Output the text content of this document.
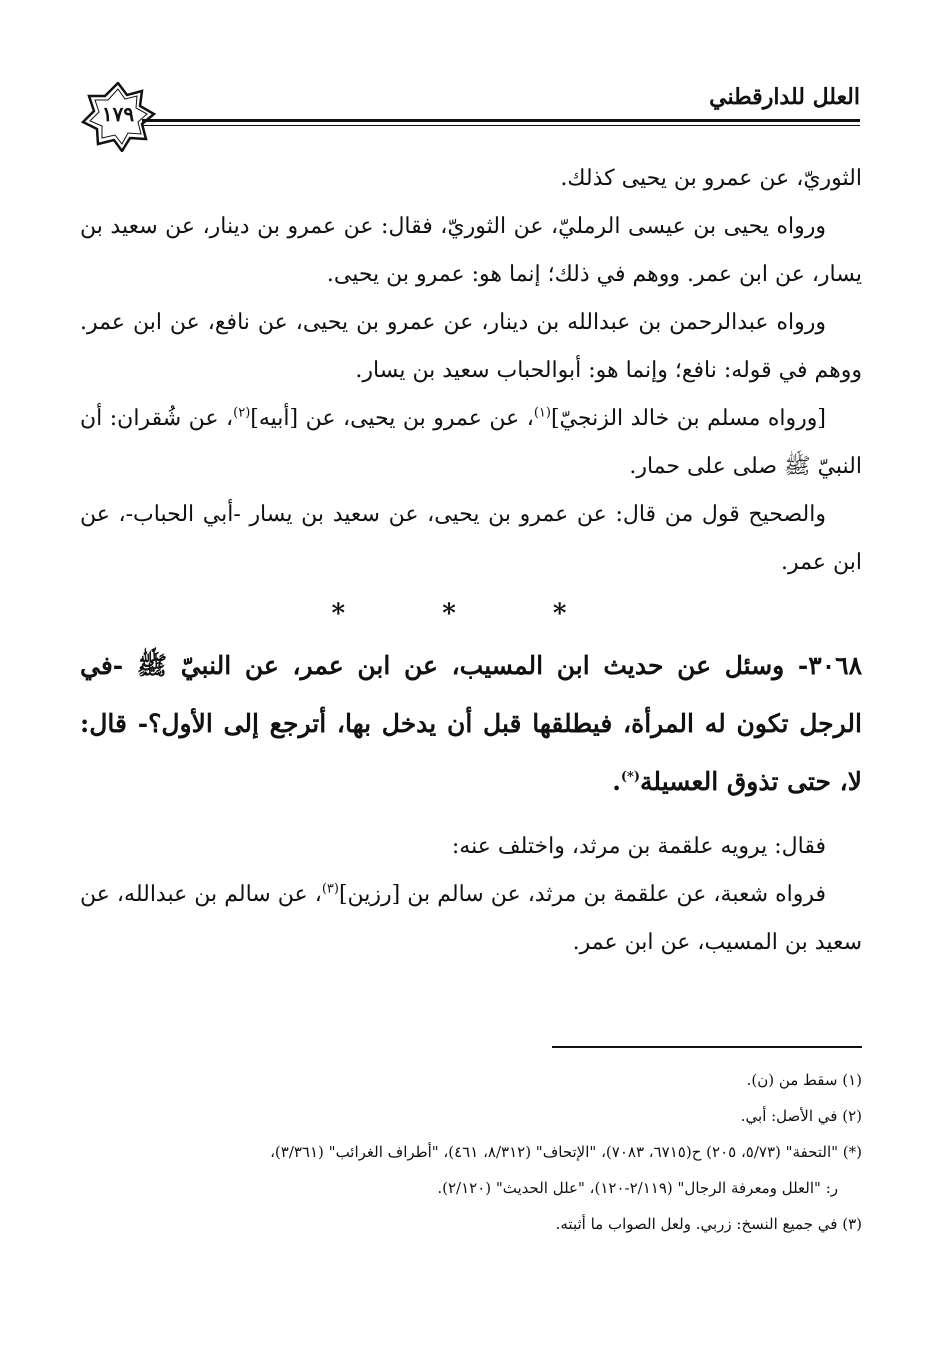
العلل للدارقطني
١٧٩

الثوريّ، عن عمرو بن يحيى كذلك.

ورواه يحيى بن عيسى الرمليّ، عن الثوريّ، فقال: عن عمرو بن دينار، عن سعيد بن يسار، عن ابن عمر. ووهم في ذلك؛ إنما هو: عمرو بن يحيى.

ورواه عبدالرحمن بن عبدالله بن دينار، عن عمرو بن يحيى، عن نافع، عن ابن عمر. ووهم في قوله: نافع؛ وإنما هو: أبوالحباب سعيد بن يسار.

[ورواه مسلم بن خالد الزنجيّ]$^{(١)}$، عن عمرو بن يحيى، عن [أبيه]$^{(٢)}$، عن شُقران: أن النبيّ ﷺ صلى على حمار.

والصحيح قول من قال: عن عمرو بن يحيى، عن سعيد بن يسار -أبي الحباب-، عن ابن عمر.

* * *

٣٠٦٨- وسئل عن حديث ابن المسيب، عن ابن عمر، عن النبيّ ﷺ -في الرجل تكون له المرأة، فيطلقها قبل أن يدخل بها، أترجع إلى الأول؟- قال: لا، حتى تذوق العسيلة(*).

فقال: يرويه علقمة بن مرثد، واختلف عنه:

فرواه شعبة، عن علقمة بن مرثد، عن سالم بن [رزين]$^{(٣)}$، عن سالم بن عبدالله، عن سعيد بن المسيب، عن ابن عمر.

(١) سقط من (ن).

(٢) في الأصل: أبي.

(*) "التحفة" (٥/٧٣، ٢٠٥) ح(٦٧١٥، ٧٠٨٣)، "الإتحاف" (٨/٣١٢، ٤٦١)، "أطراف الغرائب" (٣/٣٦١)،

ر: "العلل ومعرفة الرجال" (٢/١١٩-١٢٠)، "علل الحديث" (٢/١٢٠).

(٣) في جميع النسخ: زربي. ولعل الصواب ما أثبته.
